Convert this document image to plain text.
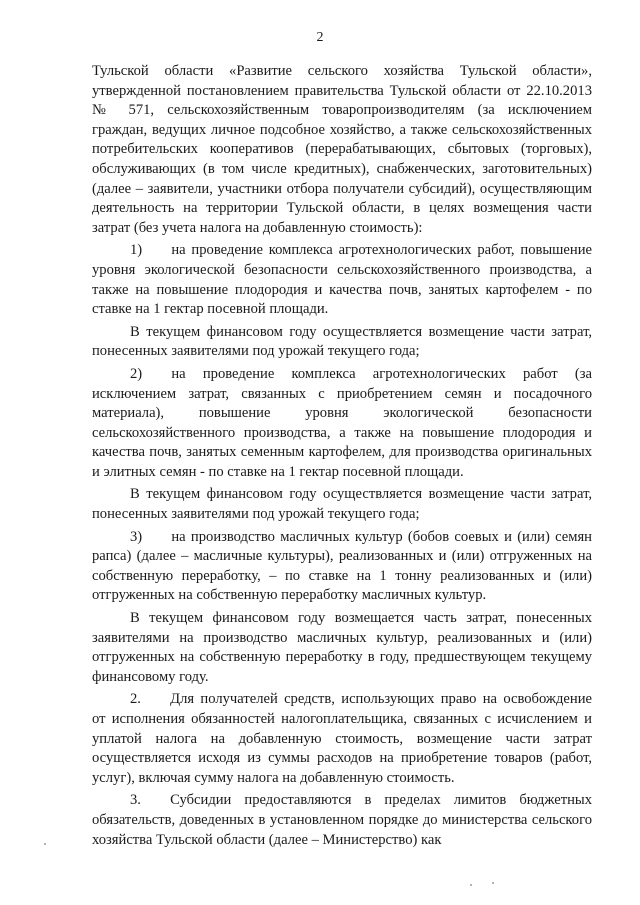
2

Тульской области «Развитие сельского хозяйства Тульской области», утвержденной постановлением правительства Тульской области от 22.10.2013 № 571, сельскохозяйственным товаропроизводителям (за исключением граждан, ведущих личное подсобное хозяйство, а также сельскохозяйственных потребительских кооперативов (перерабатывающих, сбытовых (торговых), обслуживающих (в том числе кредитных), снабженческих, заготовительных) (далее – заявители, участники отбора получатели субсидий), осуществляющим деятельность на территории Тульской области, в целях возмещения части затрат (без учета налога на добавленную стоимость):

1)  на проведение комплекса агротехнологических работ, повышение уровня экологической безопасности сельскохозяйственного производства, а также на повышение плодородия и качества почв, занятых картофелем - по ставке на 1 гектар посевной площади.

В текущем финансовом году осуществляется возмещение части затрат, понесенных заявителями под урожай текущего года;

2)  на проведение комплекса агротехнологических работ (за исключением затрат, связанных с приобретением семян и посадочного материала), повышение уровня экологической безопасности сельскохозяйственного производства, а также на повышение плодородия и качества почв, занятых семенным картофелем, для производства оригинальных и элитных семян - по ставке на 1 гектар посевной площади.

В текущем финансовом году осуществляется возмещение части затрат, понесенных заявителями под урожай текущего года;

3)  на производство масличных культур (бобов соевых и (или) семян рапса) (далее – масличные культуры), реализованных и (или) отгруженных на собственную переработку, – по ставке на 1 тонну реализованных и (или) отгруженных на собственную переработку масличных культур.

В текущем финансовом году возмещается часть затрат, понесенных заявителями на производство масличных культур, реализованных и (или) отгруженных на собственную переработку в году, предшествующем текущему финансовому году.

2.  Для получателей средств, использующих право на освобождение от исполнения обязанностей налогоплательщика, связанных с исчислением и уплатой налога на добавленную стоимость, возмещение части затрат осуществляется исходя из суммы расходов на приобретение товаров (работ, услуг), включая сумму налога на добавленную стоимость.

3.  Субсидии предоставляются в пределах лимитов бюджетных обязательств, доведенных в установленном порядке до министерства сельского хозяйства Тульской области (далее – Министерство) как
